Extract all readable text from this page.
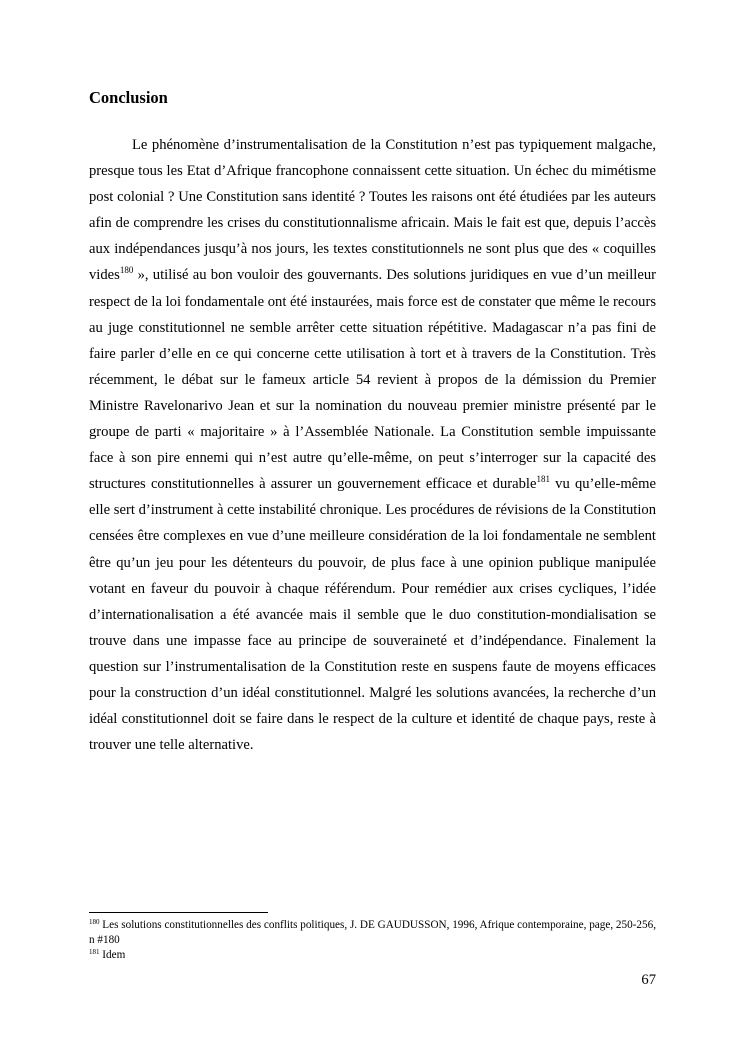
Conclusion

Le phénomène d’instrumentalisation de la Constitution n’est pas typiquement malgache, presque tous les Etat d’Afrique francophone connaissent cette situation. Un échec du mimétisme post colonial ? Une Constitution sans identité ? Toutes les raisons ont été étudiées par les auteurs afin de comprendre les crises du constitutionnalisme africain. Mais le fait est que, depuis l’accès aux indépendances jusqu’à nos jours, les textes constitutionnels ne sont plus que des « coquilles vides$^{180}$ », utilisé au bon vouloir des gouvernants. Des solutions juridiques en vue d’un meilleur respect de la loi fondamentale ont été instaurées, mais force est de constater que même le recours au juge constitutionnel ne semble arrêter cette situation répétitive. Madagascar n’a pas fini de faire parler d’elle en ce qui concerne cette utilisation à tort et à travers de la Constitution. Très récemment, le débat sur le fameux article 54 revient à propos de la démission du Premier Ministre Ravelonarivo Jean et sur la nomination du nouveau premier ministre présenté par le groupe de parti « majoritaire » à l’Assemblée Nationale. La Constitution semble impuissante face à son pire ennemi qui n’est autre qu’elle-même, on peut s’interroger sur la capacité des structures constitutionnelles à assurer un gouvernement efficace et durable$^{181}$ vu qu’elle-même elle sert d’instrument à cette instabilité chronique. Les procédures de révisions de la Constitution censées être complexes en vue d’une meilleure considération de la loi fondamentale ne semblent être qu’un jeu pour les détenteurs du pouvoir, de plus face à une opinion publique manipulée votant en faveur du pouvoir à chaque référendum. Pour remédier aux crises cycliques, l’idée d’internationalisation a été avancée mais il semble que le duo constitution-mondialisation se trouve dans une impasse face au principe de souveraineté et d’indépendance. Finalement la question sur l’instrumentalisation de la Constitution reste en suspens faute de moyens efficaces pour la construction d’un idéal constitutionnel. Malgré les solutions avancées, la recherche d’un idéal constitutionnel doit se faire dans le respect de la culture et identité de chaque pays, reste à trouver une telle alternative.

$^{180}$ Les solutions constitutionnelles des conflits politiques, J. DE GAUDUSSON, 1996, Afrique contemporaine, page, 250-256, n #180

$^{181}$ Idem

67
